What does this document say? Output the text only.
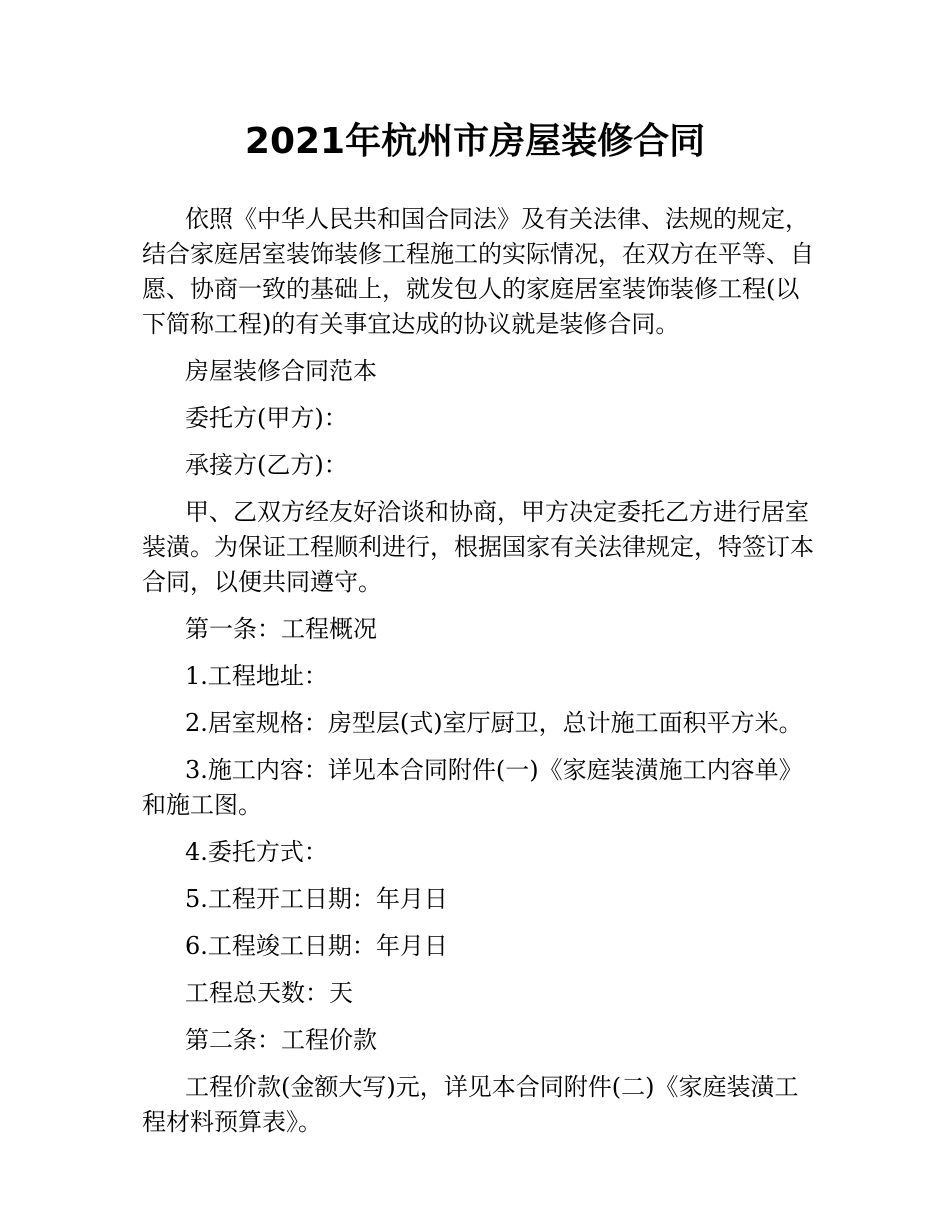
2021年杭州市房屋装修合同

依照《中华人民共和国合同法》及有关法律、法规的规定，结合家庭居室装饰装修工程施工的实际情况，在双方在平等、自愿、协商一致的基础上，就发包人的家庭居室装饰装修工程(以下简称工程)的有关事宜达成的协议就是装修合同。

房屋装修合同范本

委托方(甲方)：

承接方(乙方)：

甲、乙双方经友好洽谈和协商，甲方决定委托乙方进行居室装潢。为保证工程顺利进行，根据国家有关法律规定，特签订本合同，以便共同遵守。

第一条：工程概况

1.工程地址：

2.居室规格：房型层(式)室厅厨卫，总计施工面积平方米。

3.施工内容：详见本合同附件(一)《家庭装潢施工内容单》和施工图。

4.委托方式：

5.工程开工日期：年月日

6.工程竣工日期：年月日

工程总天数：天

第二条：工程价款

工程价款(金额大写)元，详见本合同附件(二)《家庭装潢工程材料预算表》。
